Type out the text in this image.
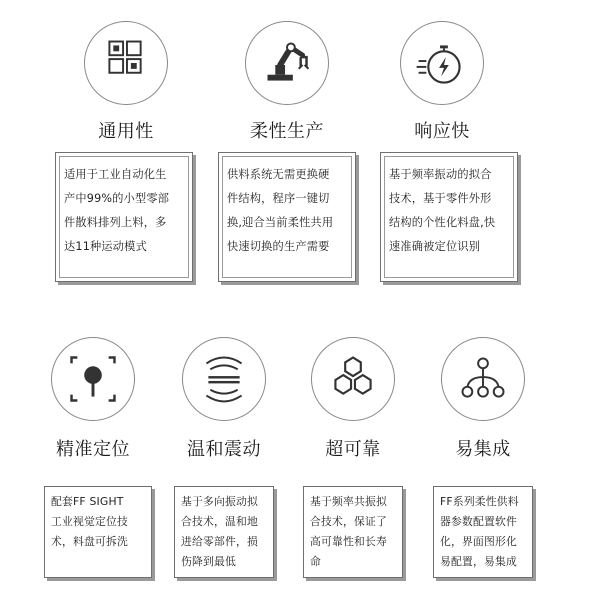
通用性
适用于工业自动化生
产中99%的小型零部
件散料排列上料，多
达11种运动模式
柔性生产
供料系统无需更换硬
件结构，程序一键切
换,迎合当前柔性共用
快速切换的生产需要
响应快
基于频率振动的拟合
技术，基于零件外形
结构的个性化料盘,快
速准确被定位识别
精准定位
配套FF SIGHT
工业视觉定位技
术，料盘可拆洗
温和震动
基于多向振动拟
合技术，温和地
进给零部件，损
伤降到最低
超可靠
基于频率共振拟
合技术，保证了
高可靠性和长寿
命
易集成
FF系列柔性供料
器参数配置软件
化，界面图形化
易配置，易集成
